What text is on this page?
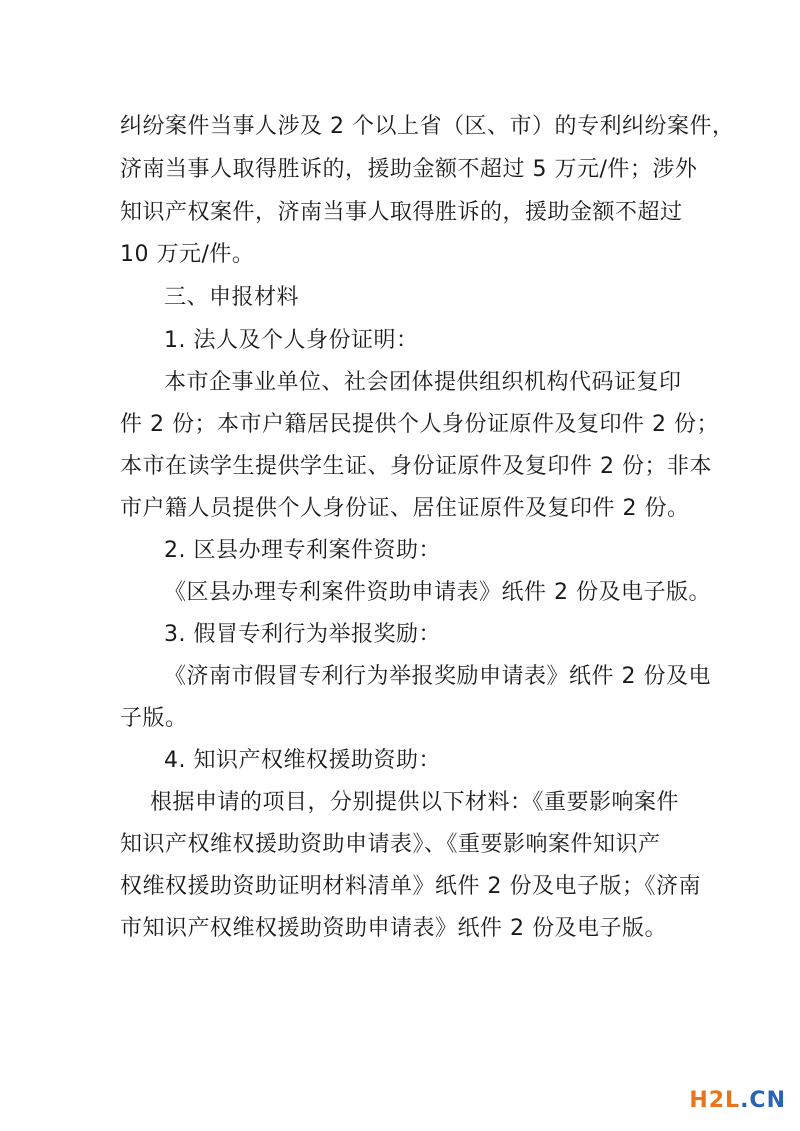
纠纷案件当事人涉及 2 个以上省（区、市）的专利纠纷案件，
济南当事人取得胜诉的，援助金额不超过 5 万元/件；涉外
知识产权案件，济南当事人取得胜诉的，援助金额不超过
10 万元/件。
三、申报材料
1. 法人及个人身份证明：
本市企事业单位、社会团体提供组织机构代码证复印
件 2 份；本市户籍居民提供个人身份证原件及复印件 2 份；
本市在读学生提供学生证、身份证原件及复印件 2 份；非本
市户籍人员提供个人身份证、居住证原件及复印件 2 份。
2. 区县办理专利案件资助：
《区县办理专利案件资助申请表》纸件 2 份及电子版。
3. 假冒专利行为举报奖励：
《济南市假冒专利行为举报奖励申请表》纸件 2 份及电
子版。
4. 知识产权维权援助资助：
根据申请的项目，分别提供以下材料：《重要影响案件
知识产权维权援助资助申请表》、《重要影响案件知识产
权维权援助资助证明材料清单》纸件 2 份及电子版；《济南
市知识产权维权援助资助申请表》纸件 2 份及电子版。
H2L.CN
